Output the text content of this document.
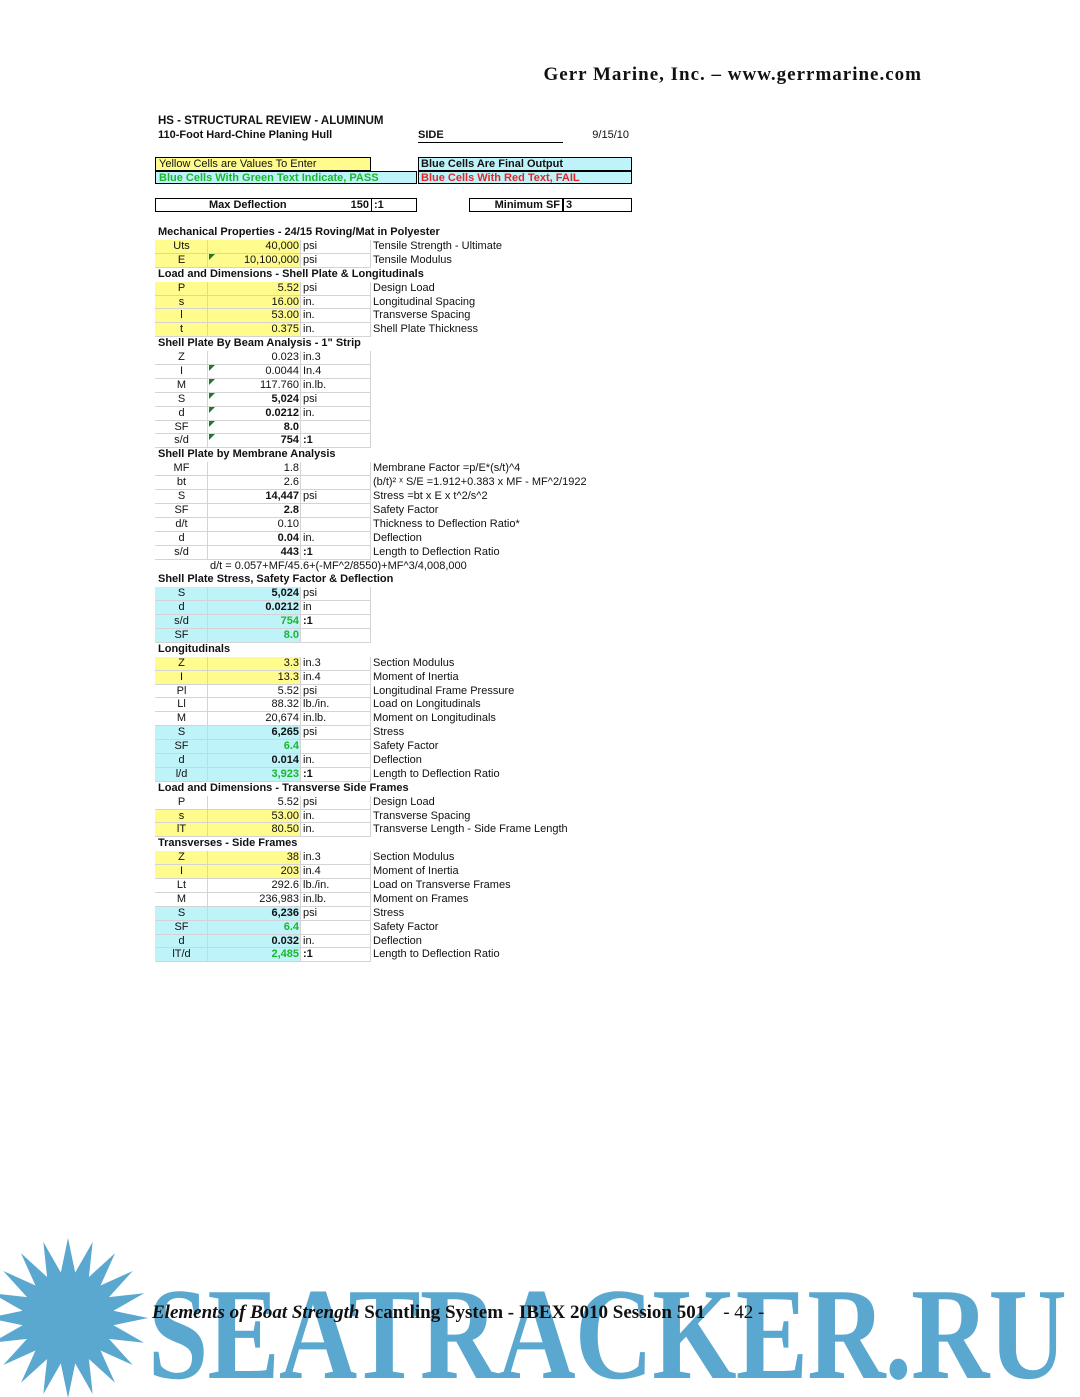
Gerr Marine, Inc. – www.gerrmarine.com
HS - STRUCTURAL REVIEW - ALUMINUM
110-Foot Hard-Chine Planing Hull	SIDE	9/15/10
Yellow Cells are Values To Enter	Blue Cells Are Final Output
Blue Cells With Green Text Indicate, PASS	Blue Cells With Red Text, FAIL
Max Deflection	150 :1	Minimum SF 3
Mechanical Properties - 24/15 Roving/Mat in Polyester
Uts	40,000 psi	Tensile Strength - Ultimate
E	10,100,000 psi	Tensile Modulus
Load and Dimensions - Shell Plate & Longitudinals
P	5.52 psi	Design Load
s	16.00 in.	Longitudinal Spacing
l	53.00 in.	Transverse Spacing
t	0.375 in.	Shell Plate Thickness
Shell Plate By Beam Analysis - 1" Strip
Z	0.023 in.3
I	0.0044 In.4
M	117.760 in.lb.
S	5,024 psi
d	0.0212 in.
SF	8.0
s/d	754 :1
Shell Plate by Membrane Analysis
MF	1.8	Membrane Factor =p/E*(s/t)^4
bt	2.6	(b/t)² ˣ S/E =1.912+0.383 x MF - MF^2/1922
S	14,447 psi	Stress =bt x E x t^2/s^2
SF	2.8	Safety Factor
d/t	0.10	Thickness to Deflection Ratio*
d	0.04 in.	Deflection
s/d	443 :1	Length to Deflection Ratio
d/t = 0.057+MF/45.6+(-MF^2/8550)+MF^3/4,008,000
Shell Plate Stress, Safety Factor & Deflection
S	5,024 psi
d	0.0212 in
s/d	754 :1
SF	8.0
Longitudinals
Z	3.3 in.3	Section Modulus
I	13.3 in.4	Moment of Inertia
Pl	5.52 psi	Longitudinal Frame Pressure
Ll	88.32 lb./in.	Load on Longitudinals
M	20,674 in.lb.	Moment on Longitudinals
S	6,265 psi	Stress
SF	6.4	Safety Factor
d	0.014 in.	Deflection
l/d	3,923 :1	Length to Deflection Ratio
Load and Dimensions - Transverse Side Frames
P	5.52 psi	Design Load
s	53.00 in.	Transverse Spacing
lT	80.50 in.	Transverse Length - Side Frame Length
Transverses - Side Frames
Z	38 in.3	Section Modulus
I	203 in.4	Moment of Inertia
Lt	292.6 lb./in.	Load on Transverse Frames
M	236,983 in.lb.	Moment on Frames
S	6,236 psi	Stress
SF	6.4	Safety Factor
d	0.032 in.	Deflection
lT/d	2,485 :1	Length to Deflection Ratio
SEATRACKER.RU
Elements of Boat Strength Scantling System - IBEX 2010 Session 501 - 42 -
